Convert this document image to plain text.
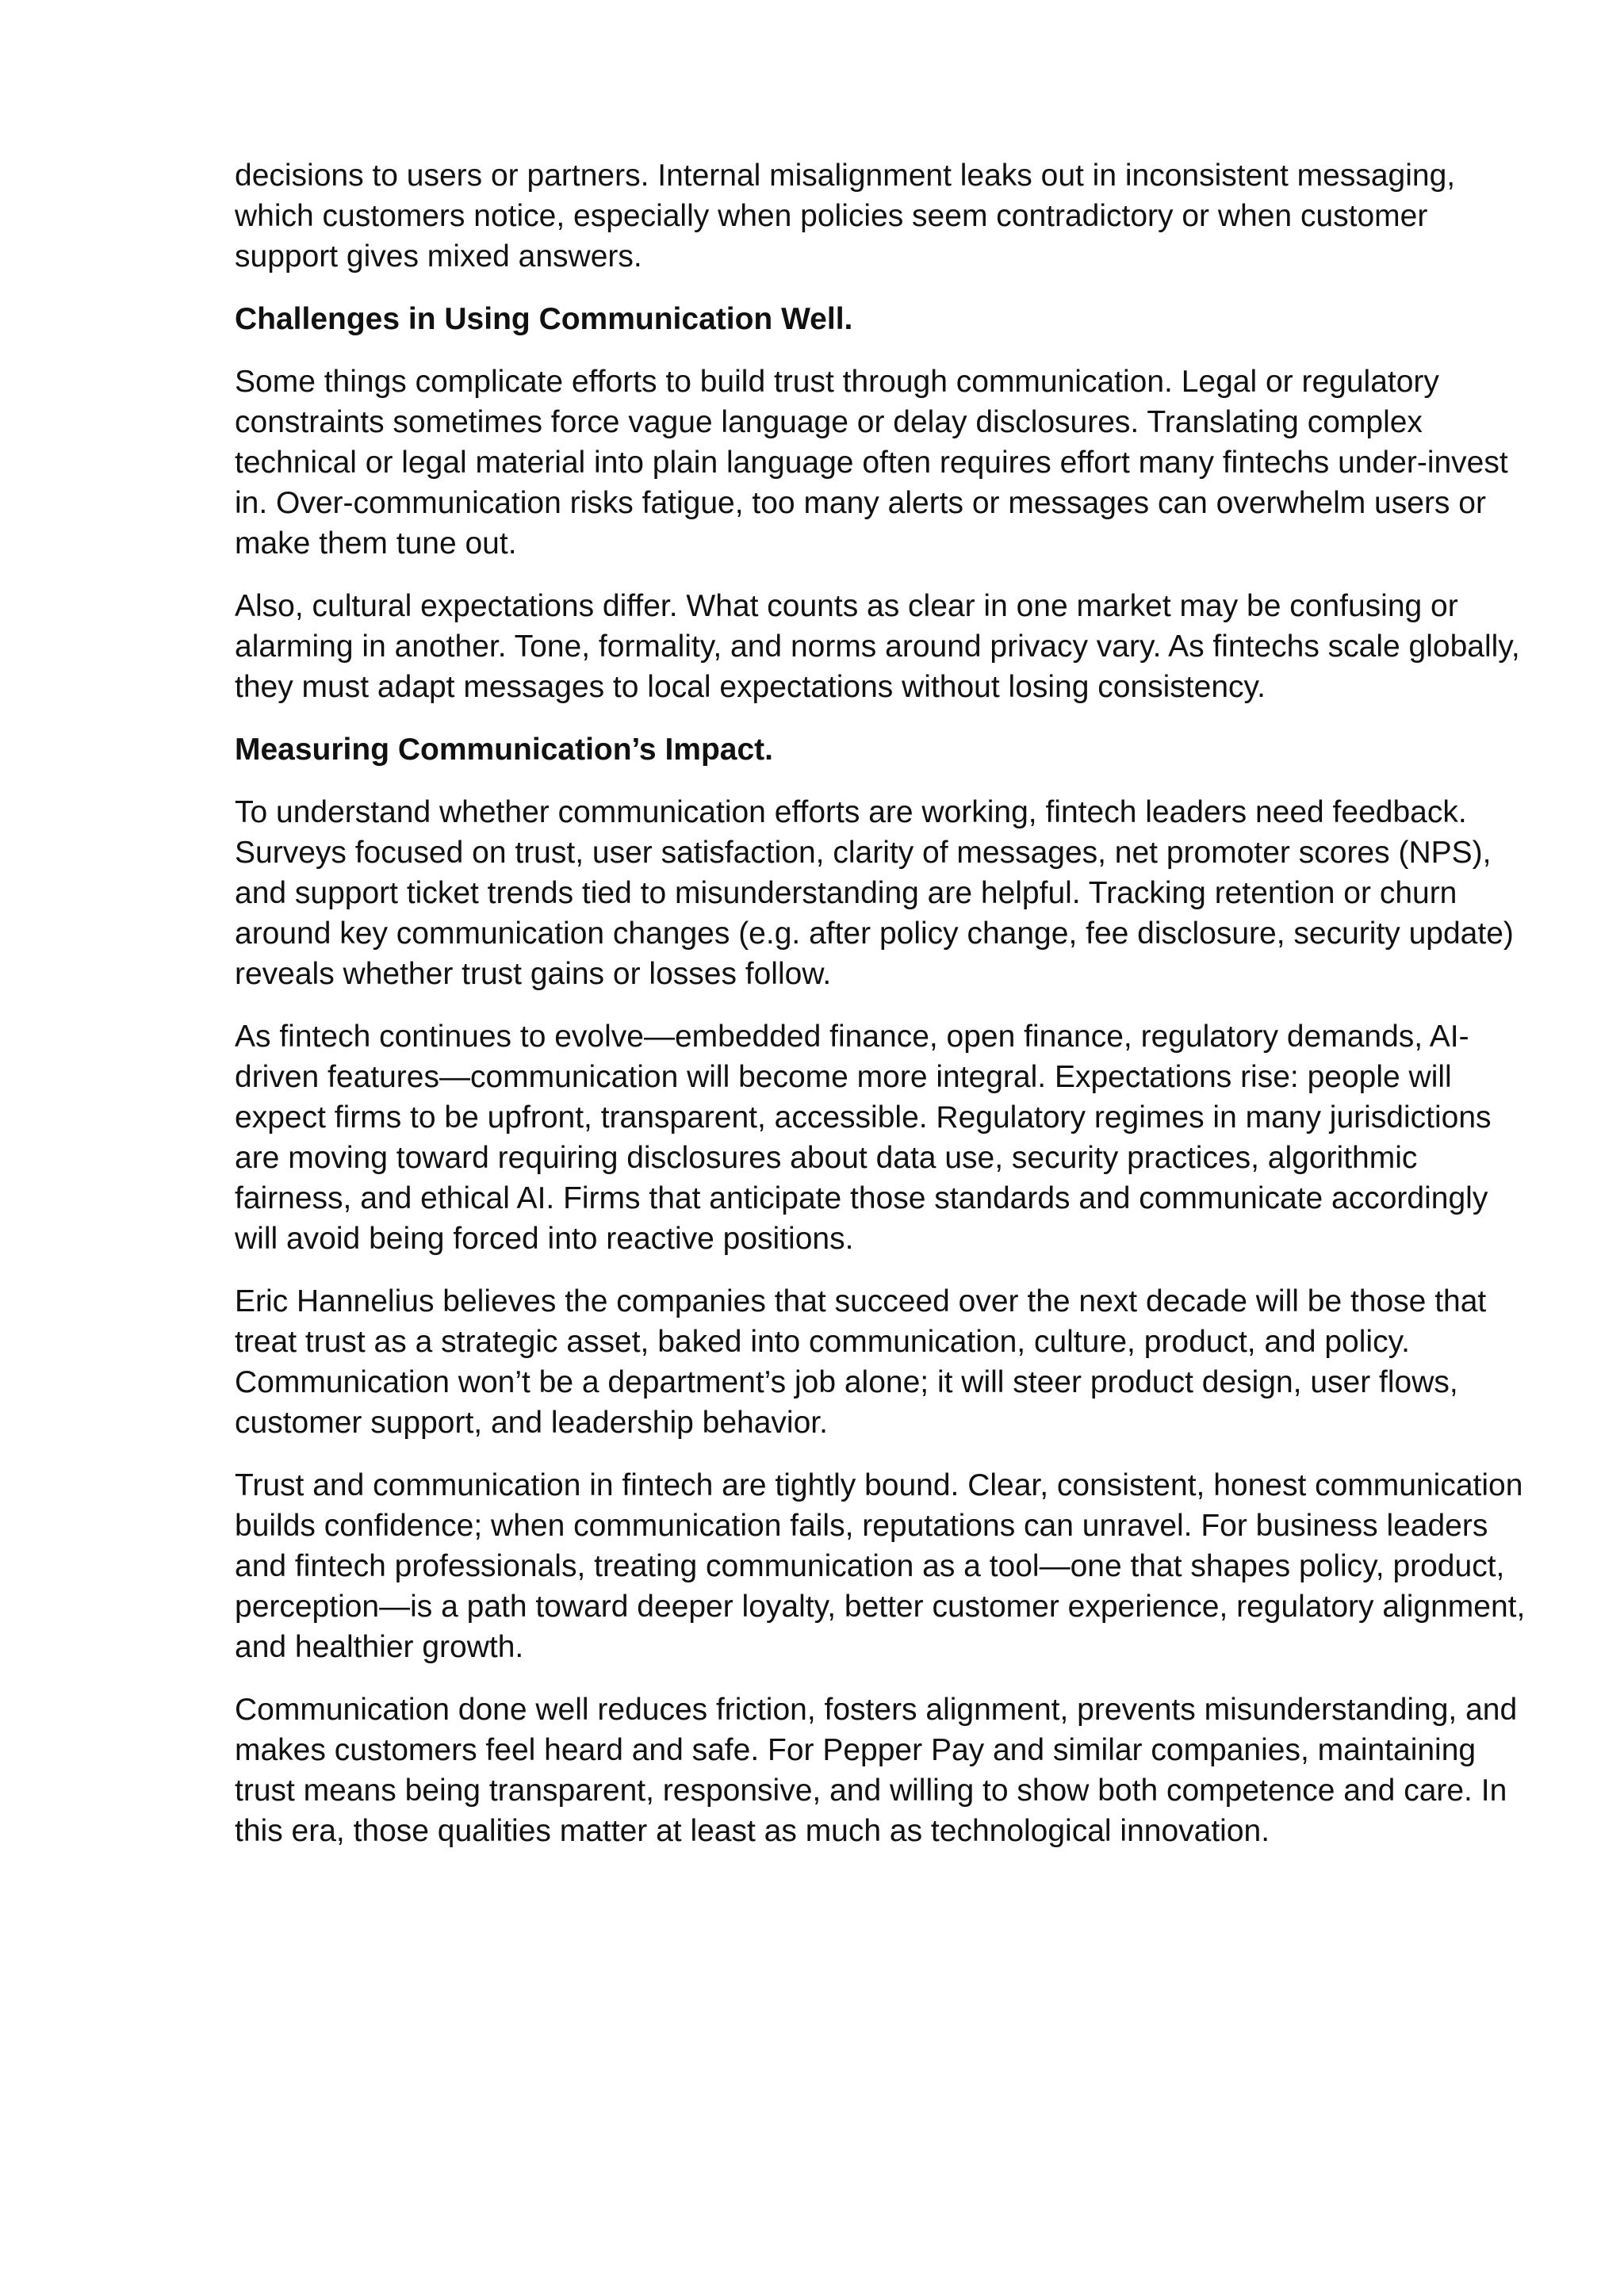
decisions to users or partners. Internal misalignment leaks out in inconsistent messaging, which customers notice, especially when policies seem contradictory or when customer support gives mixed answers.

Challenges in Using Communication Well.

Some things complicate efforts to build trust through communication. Legal or regulatory constraints sometimes force vague language or delay disclosures. Translating complex technical or legal material into plain language often requires effort many fintechs under-invest in. Over-communication risks fatigue, too many alerts or messages can overwhelm users or make them tune out.

Also, cultural expectations differ. What counts as clear in one market may be confusing or alarming in another. Tone, formality, and norms around privacy vary. As fintechs scale globally, they must adapt messages to local expectations without losing consistency.

Measuring Communication’s Impact.

To understand whether communication efforts are working, fintech leaders need feedback. Surveys focused on trust, user satisfaction, clarity of messages, net promoter scores (NPS), and support ticket trends tied to misunderstanding are helpful. Tracking retention or churn around key communication changes (e.g. after policy change, fee disclosure, security update) reveals whether trust gains or losses follow.

As fintech continues to evolve—embedded finance, open finance, regulatory demands, AI-driven features—communication will become more integral. Expectations rise: people will expect firms to be upfront, transparent, accessible. Regulatory regimes in many jurisdictions are moving toward requiring disclosures about data use, security practices, algorithmic fairness, and ethical AI. Firms that anticipate those standards and communicate accordingly will avoid being forced into reactive positions.

Eric Hannelius believes the companies that succeed over the next decade will be those that treat trust as a strategic asset, baked into communication, culture, product, and policy. Communication won’t be a department’s job alone; it will steer product design, user flows, customer support, and leadership behavior.

Trust and communication in fintech are tightly bound. Clear, consistent, honest communication builds confidence; when communication fails, reputations can unravel. For business leaders and fintech professionals, treating communication as a tool—one that shapes policy, product, perception—is a path toward deeper loyalty, better customer experience, regulatory alignment, and healthier growth.

Communication done well reduces friction, fosters alignment, prevents misunderstanding, and makes customers feel heard and safe. For Pepper Pay and similar companies, maintaining trust means being transparent, responsive, and willing to show both competence and care. In this era, those qualities matter at least as much as technological innovation.
